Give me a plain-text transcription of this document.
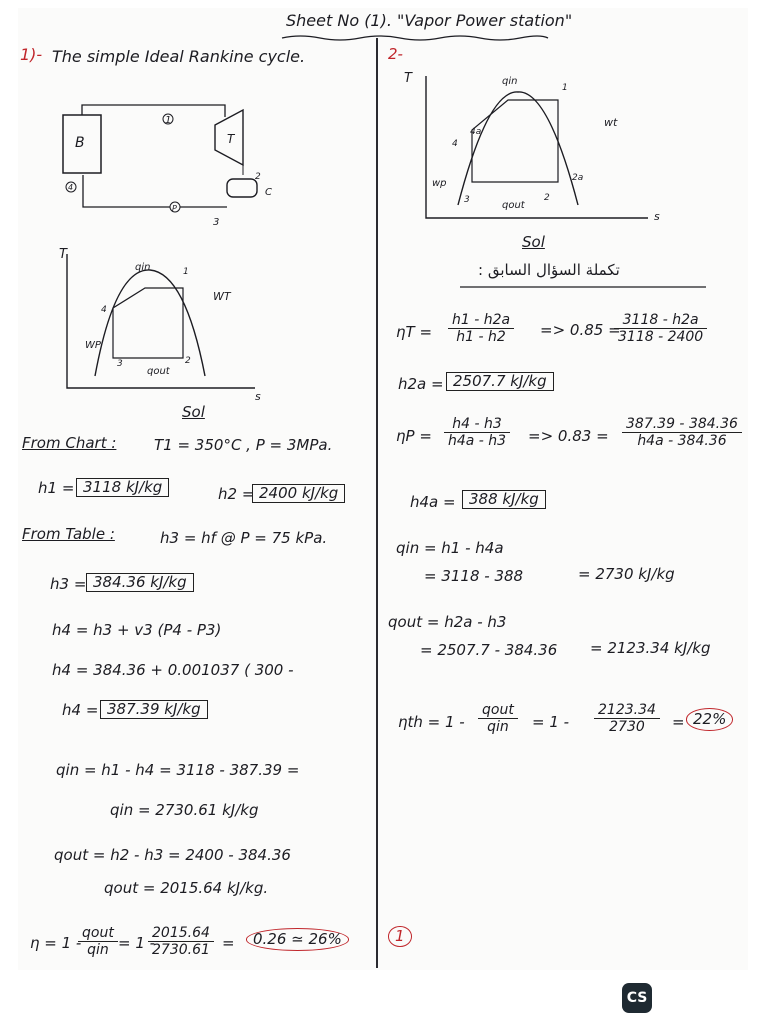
Sheet No (1). "Vapor Power station"
1)- The simple Ideal Rankine cycle.
B
1
T
2
C
P
3
4
T
s
qin
qout
WT
WP
1
2
3
4
Sol
From Chart :	T1 = 350°C , P = 3MPa.
h1 = 3118 kJ/kg	h2 = 2400 kJ/kg
From Table :	h3 = hf @ P = 75 kPa.
h3 = 384.36 kJ/kg
h4 = h3 + v3 (P4 - P3)
h4 = 384.36 + 0.001037 ( 300 -
h4 = 387.39 kJ/kg
qin = h1 - h4 = 3118 - 387.39 =
qin = 2730.61 kJ/kg
qout = h2 - h3 = 2400 - 384.36
qout = 2015.64 kJ/kg.
η = 1 -
qout
qin = 1 -
$\frac{2015.64}{2730.61}$ =	0.26 ≃ 26%	1
2-
T
s
qin
qout
wt
wp
1
2
2a
3
4
4a
Sol
تكملة السؤال السابق :
$\eta T = \frac{h1 - h2a}{h1 - h2} => 0.85$ =
$\frac{3118 - h2a}{3118 - 2400}$
h2a = 2507.7 kJ/kg
$\eta P = \frac{h4 - h3}{h4a - h3} => 0.83 = \frac{387.39 - 384.36}{h4a - 384.36}$
h4a = 388 kJ/kg
qin = h1 - h4a
= 3118 - 388	= 2730 kJ/kg
qout = h2a - h3
= 2507.7 - 384.36 = 2123.34 kJ/kg
ηth = 1 -
qout
qin	= $1 - \frac{2123.34}{2730} = 22\%$
CS
